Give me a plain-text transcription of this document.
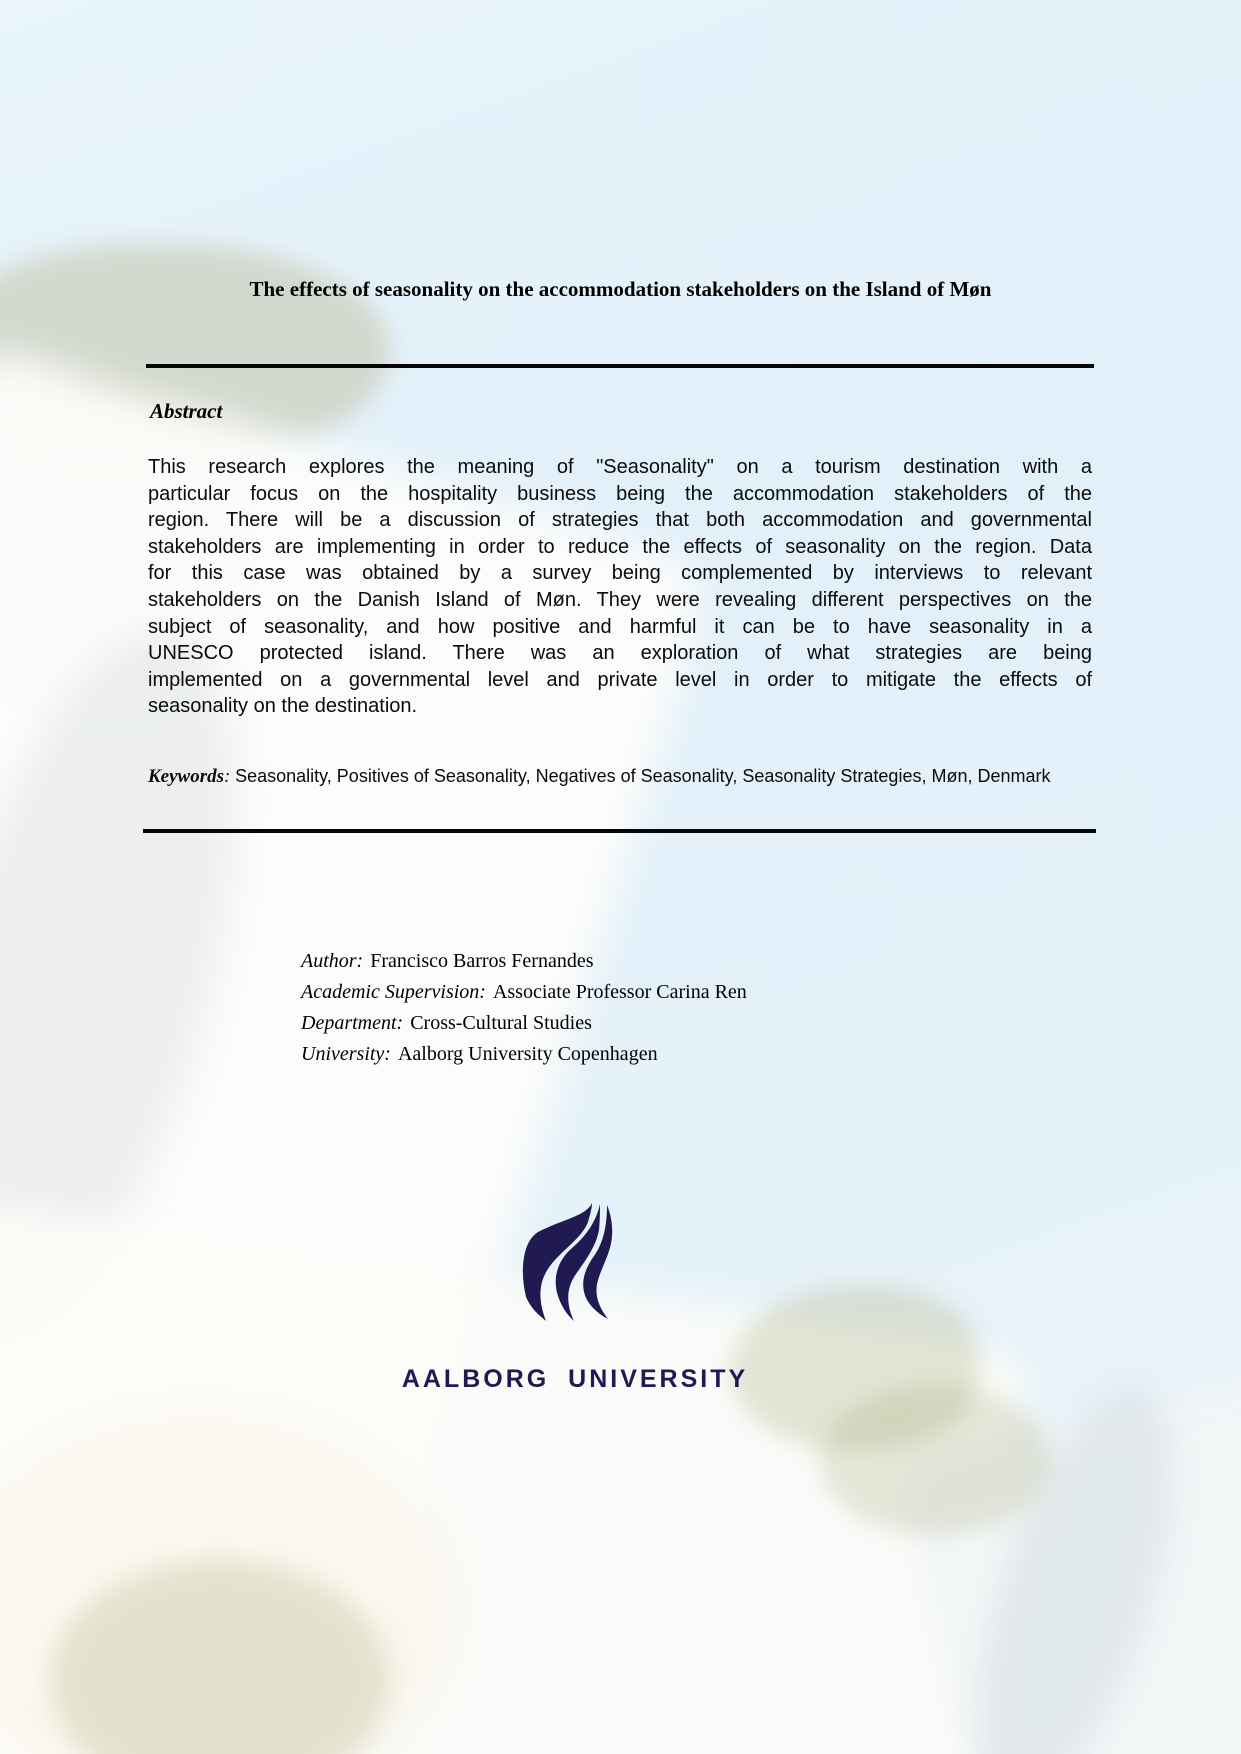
The effects of seasonality on the accommodation stakeholders on the Island of Møn
Abstract
This research explores the meaning of "Seasonality" on a tourism destination with a
particular focus on the hospitality business being the accommodation stakeholders of the
region. There will be a discussion of strategies that both accommodation and governmental
stakeholders are implementing in order to reduce the effects of seasonality on the region. Data
for this case was obtained by a survey being complemented by interviews to relevant
stakeholders on the Danish Island of Møn. They were revealing different perspectives on the
subject of seasonality, and how positive and harmful it can be to have seasonality in a
UNESCO protected island. There was an exploration of what strategies are being
implemented on a governmental level and private level in order to mitigate the effects of
seasonality on the destination.

Keywords: Seasonality, Positives of Seasonality, Negatives of Seasonality, Seasonality Strategies, Møn, Denmark

Author: Francisco Barros Fernandes
Academic Supervision: Associate Professor Carina Ren
Department: Cross-Cultural Studies
University: Aalborg University Copenhagen

AALBORG UNIVERSITY
